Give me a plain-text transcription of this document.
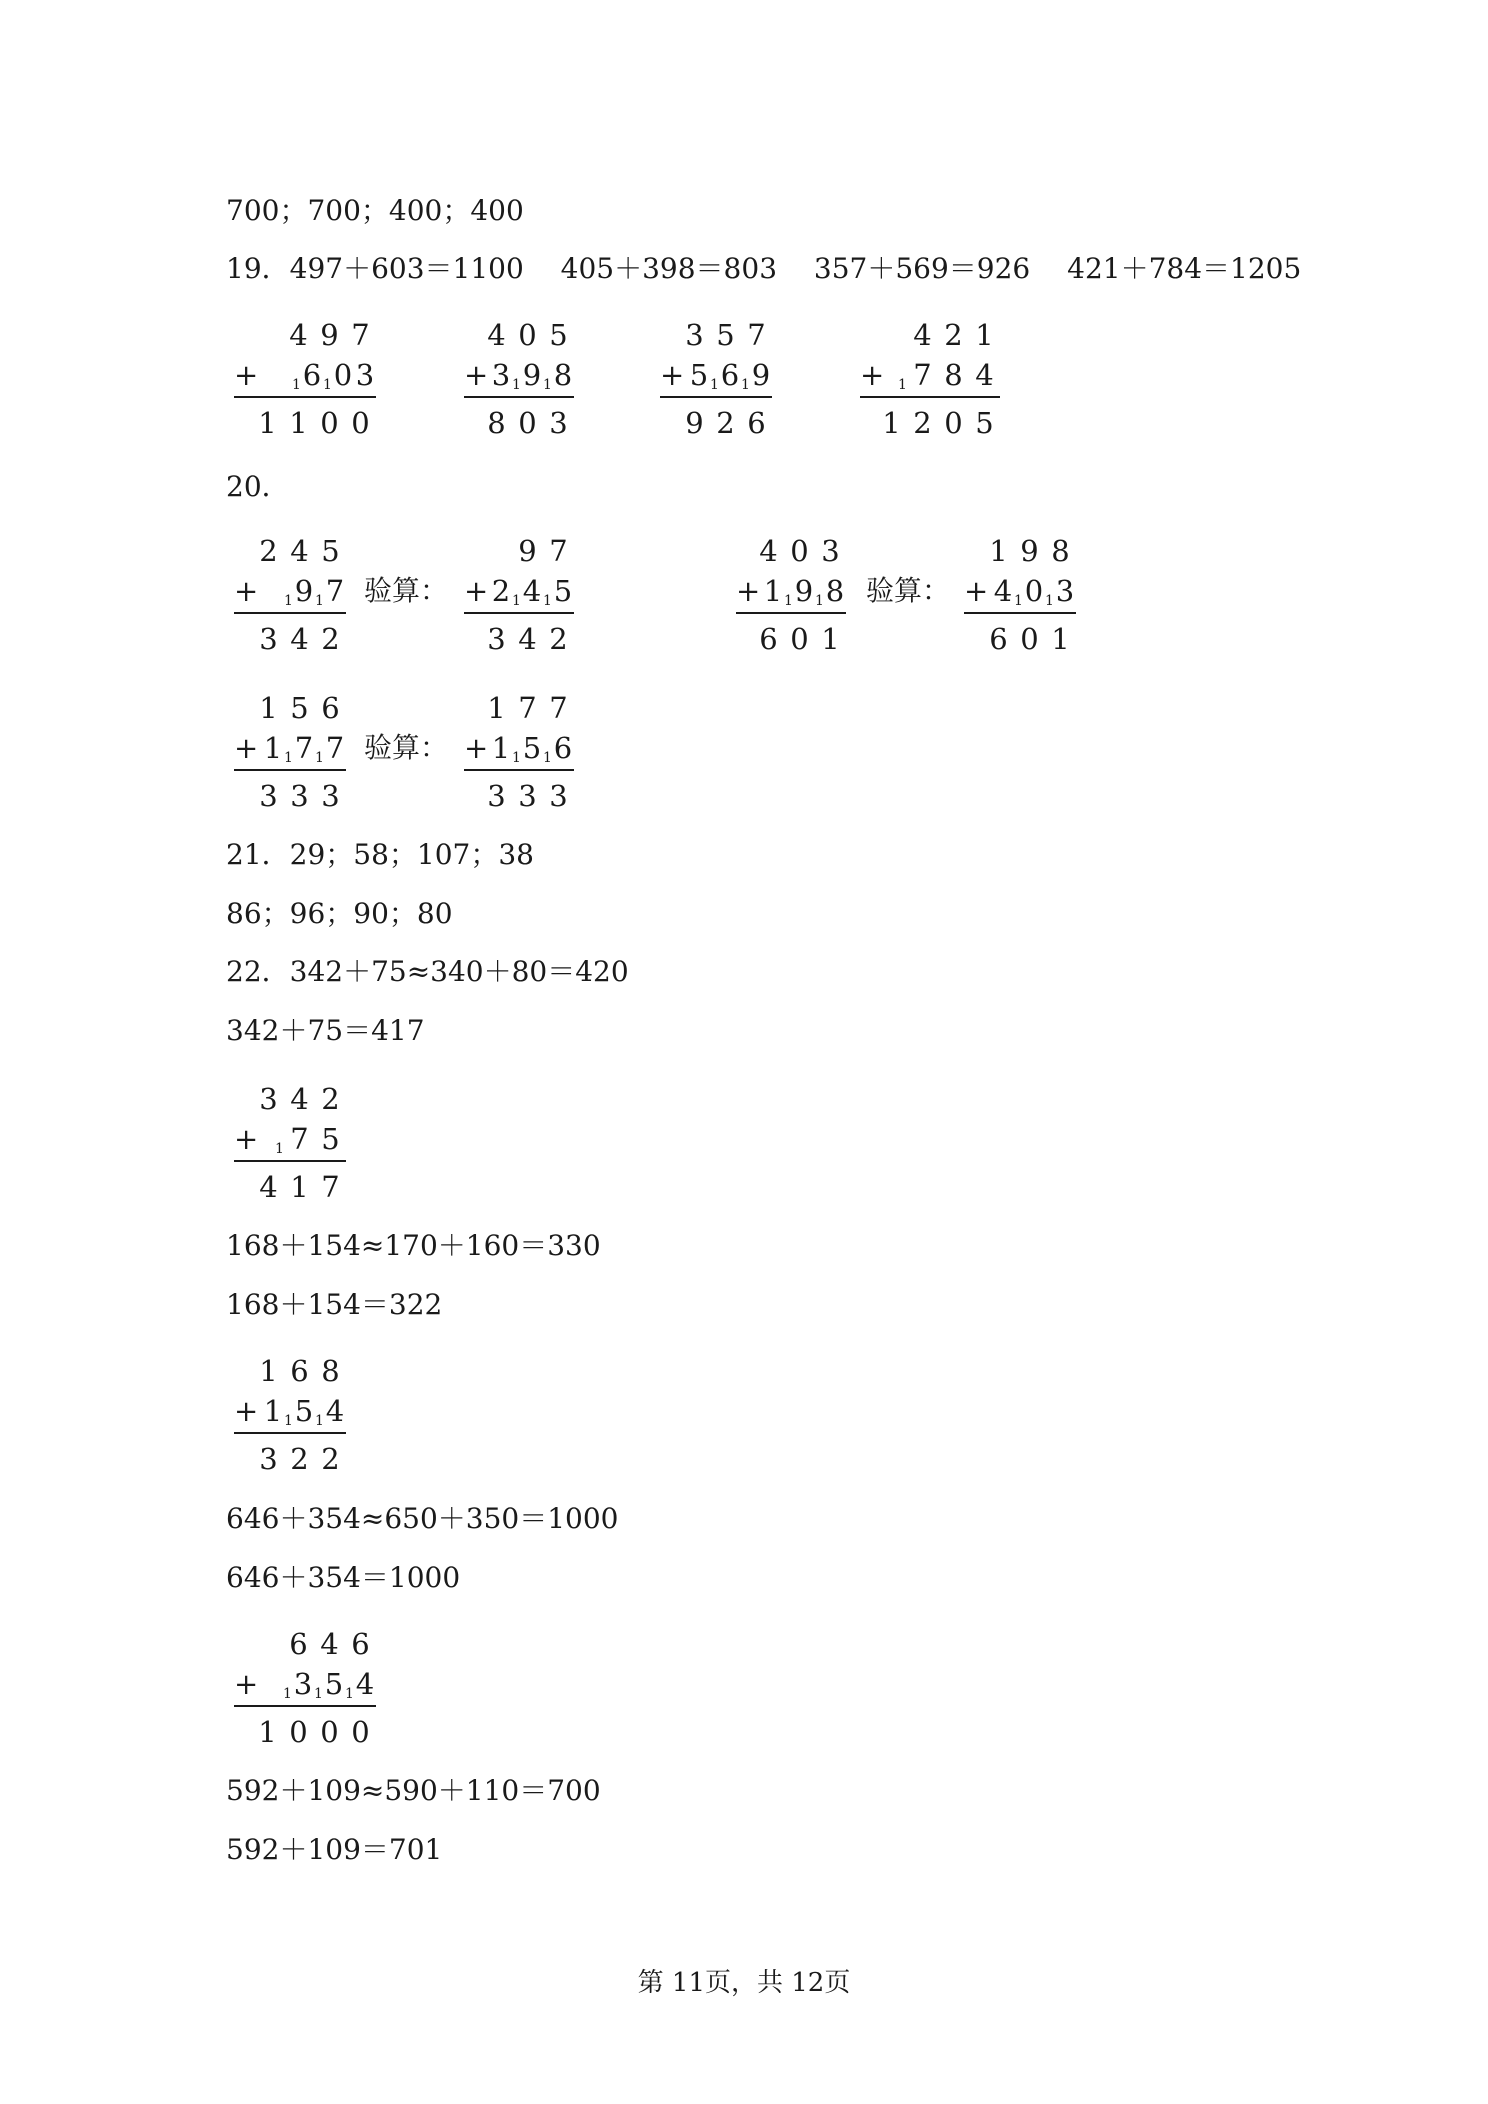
700；700；400；400
19．497＋603＝1100　 405＋398＝803　 357＋569＝926　 421＋784＝1205
4 9 7
+ 1 6 1 0 3
1 1 0 0
4 0 5
+ 3 1 9 1 8
8 0 3
3 5 7
+ 5 1 6 1 9
9 2 6
4 2 1
+ 1 7 8 4
1 2 0 5
20．
2 4 5
+ 1 9 1 7
3 4 2
验算：
9 7
+ 2 1 4 1 5
3 4 2
4 0 3
+ 1 1 9 1 8
6 0 1
验算：
1 9 8
+ 4 1 0 1 3
6 0 1
1 5 6
+ 1 1 7 1 7
3 3 3
验算：
1 7 7
+ 1 1 5 1 6
3 3 3
21．29；58；107；38
86；96；90；80
22．342＋75≈340＋80＝420
342＋75＝417
3 4 2
+ 1 7 5
4 1 7
168＋154≈170＋160＝330
168＋154＝322
1 6 8
+ 1 1 5 1 4
3 2 2
646＋354≈650＋350＝1000
646＋354＝1000
6 4 6
+ 1 3 1 5 1 4
1 0 0 0
592＋109≈590＋110＝700
592＋109＝701
第 11页，共 12页
